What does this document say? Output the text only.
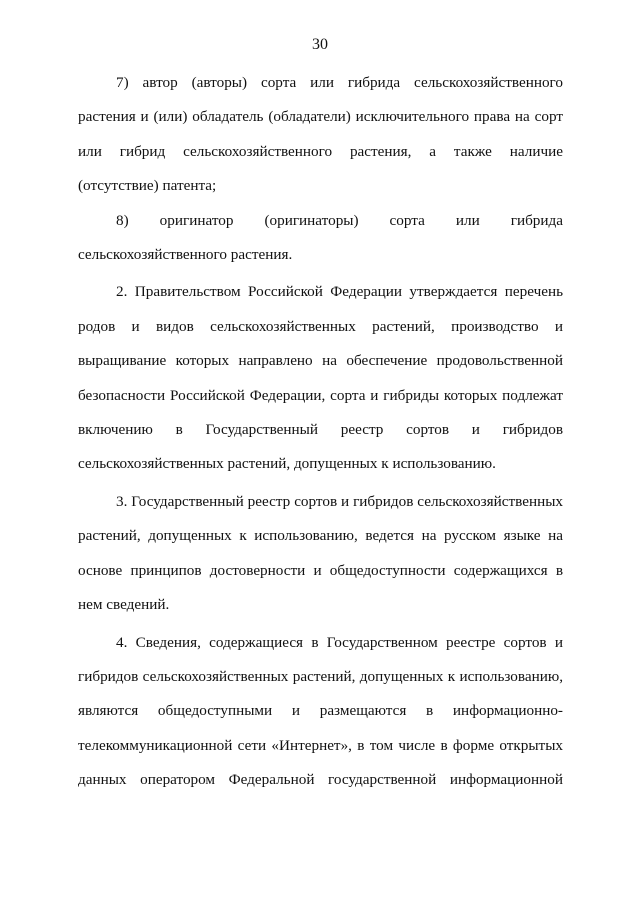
30

7) автор (авторы) сорта или гибрида сельскохозяйственного растения и (или) обладатель (обладатели) исключительного права на сорт или гибрид сельскохозяйственного растения, а также наличие (отсутствие) патента;

8) оригинатор (оригинаторы) сорта или гибрида

сельскохозяйственного растения.

2. Правительством Российской Федерации утверждается перечень родов и видов сельскохозяйственных растений, производство и выращивание которых направлено на обеспечение продовольственной безопасности Российской Федерации, сорта и гибриды которых подлежат включению в Государственный реестр сортов и гибридов сельскохозяйственных растений, допущенных к использованию.

3. Государственный реестр сортов и гибридов сельскохозяйственных растений, допущенных к использованию, ведется на русском языке на основе принципов достоверности и общедоступности содержащихся в нем сведений.

4. Сведения, содержащиеся в Государственном реестре сортов и гибридов сельскохозяйственных растений, допущенных к использованию, являются общедоступными и размещаются в информационно-телекоммуникационной сети «Интернет», в том числе в форме открытых данных оператором Федеральной государственной информационной
